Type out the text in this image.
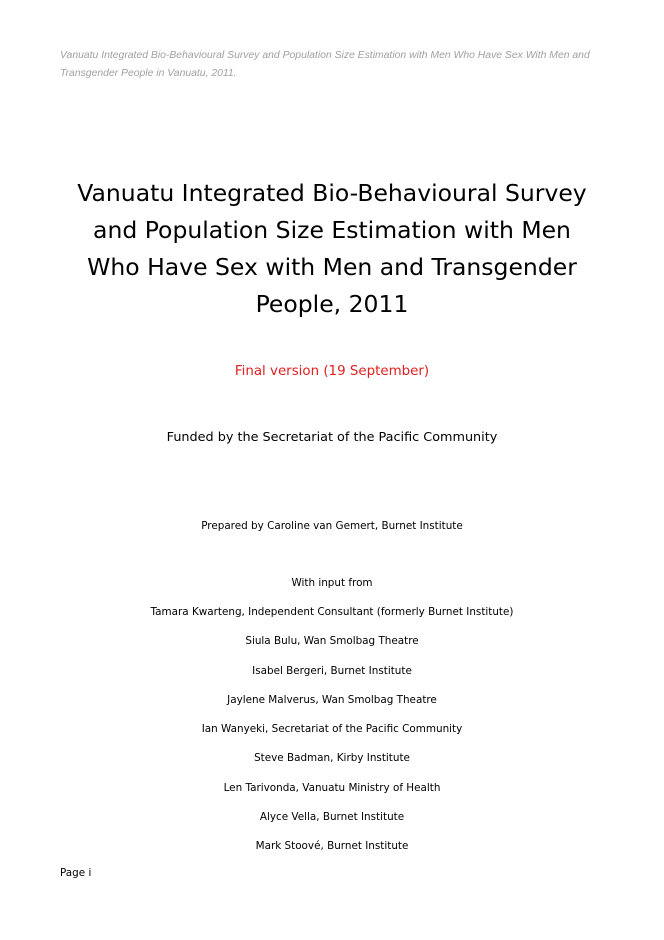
Vanuatu Integrated Bio-Behavioural Survey and Population Size Estimation with Men Who Have Sex With Men and Transgender People in Vanuatu, 2011.
Vanuatu Integrated Bio-Behavioural Survey
and Population Size Estimation with Men
Who Have Sex with Men and Transgender
People, 2011
Final version (19 September)
Funded by the Secretariat of the Pacific Community
Prepared by Caroline van Gemert, Burnet Institute
With input from
Tamara Kwarteng, Independent Consultant (formerly Burnet Institute)
Siula Bulu, Wan Smolbag Theatre
Isabel Bergeri, Burnet Institute
Jaylene Malverus, Wan Smolbag Theatre
Ian Wanyeki, Secretariat of the Pacific Community
Steve Badman, Kirby Institute
Len Tarivonda, Vanuatu Ministry of Health
Alyce Vella, Burnet Institute
Mark Stoové, Burnet Institute
Page i
